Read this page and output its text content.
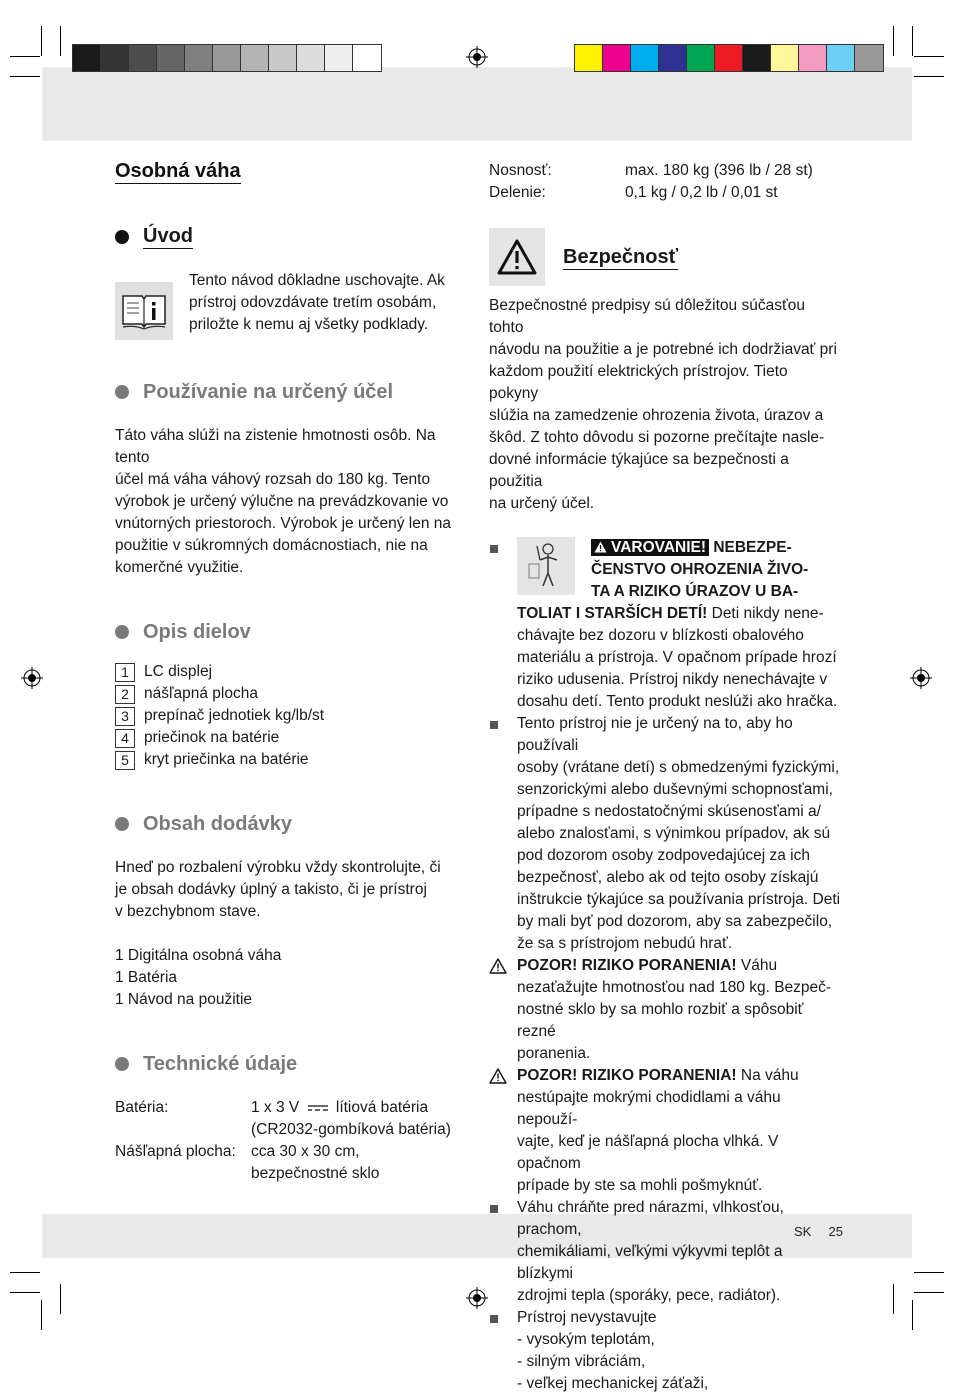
Osobná váha
Úvod
Tento návod dôkladne uschovajte. Ak
prístroj odovzdávate tretím osobám,
priložte k nemu aj všetky podklady.
Používanie na určený účel
Táto váha slúži na zistenie hmotnosti osôb. Na tento
účel má váha váhový rozsah do 180 kg. Tento
výrobok je určený výlučne na prevádzkovanie vo
vnútorných priestoroch. Výrobok je určený len na
použitie v súkromných domácnostiach, nie na
komerčné využitie.
Opis dielov
1 LC displej
2 nášľapná plocha
3 prepínač jednotiek kg/lb/st
4 priečinok na batérie
5 kryt priečinka na batérie
Obsah dodávky
Hneď po rozbalení výrobku vždy skontrolujte, či
je obsah dodávky úplný a takisto, či je prístroj
v bezchybnom stave.
1 Digitálna osobná váha
1 Batéria
1 Návod na použitie
Technické údaje
Batéria:	1 x 3 V lítiová batéria
(CR2032-gombíková batéria)
Nášľapná plocha: cca 30 x 30 cm,
bezpečnostné sklo
Nosnosť:	max. 180 kg (396 lb / 28 st)
Delenie:	0,1 kg / 0,2 lb / 0,01 st
Bezpečnosť
Bezpečnostné predpisy sú dôležitou súčasťou tohto
návodu na použitie a je potrebné ich dodržiavať pri
každom použití elektrických prístrojov. Tieto pokyny
slúžia na zamedzenie ohrozenia života, úrazov a
škôd. Z tohto dôvodu si pozorne prečítajte nasle-
dovné informácie týkajúce sa bezpečnosti a použitia
na určený účel.
VAROVANIE! NEBEZPE-
ČENSTVO OHROZENIA ŽIVO-
TA A RIZIKO ÚRAZOV U BA-
TOLIAT I STARŠÍCH DETÍ! Deti nikdy nene-
chávajte bez dozoru v blízkosti obalového
materiálu a prístroja. V opačnom prípade hrozí
riziko udusenia. Prístroj nikdy nenechávajte v
dosahu detí. Tento produkt neslúži ako hračka.
Tento prístroj nie je určený na to, aby ho používali
osoby (vrátane detí) s obmedzenými fyzickými,
senzorickými alebo duševnými schopnosťami,
prípadne s nedostatočnými skúsenosťami a/
alebo znalosťami, s výnimkou prípadov, ak sú
pod dozorom osoby zodpovedajúcej za ich
bezpečnosť, alebo ak od tejto osoby získajú
inštrukcie týkajúce sa používania prístroja. Deti
by mali byť pod dozorom, aby sa zabezpečilo,
že sa s prístrojom nebudú hrať.
POZOR! RIZIKO PORANENIA! Váhu
nezaťažujte hmotnosťou nad 180 kg. Bezpeč-
nostné sklo by sa mohlo rozbiť a spôsobiť rezné
poranenia.
POZOR! RIZIKO PORANENIA! Na váhu
nestúpajte mokrými chodidlami a váhu nepouží-
vajte, keď je nášľapná plocha vlhká. V opačnom
prípade by ste sa mohli pošmyknúť.
Váhu chráňte pred nárazmi, vlhkosťou, prachom,
chemikáliami, veľkými výkyvmi teplôt a blízkymi
zdrojmi tepla (sporáky, pece, radiátor).
Prístroj nevystavujte
- vysokým teplotám,
- silným vibráciám,
- veľkej mechanickej záťaži,
SK 25
